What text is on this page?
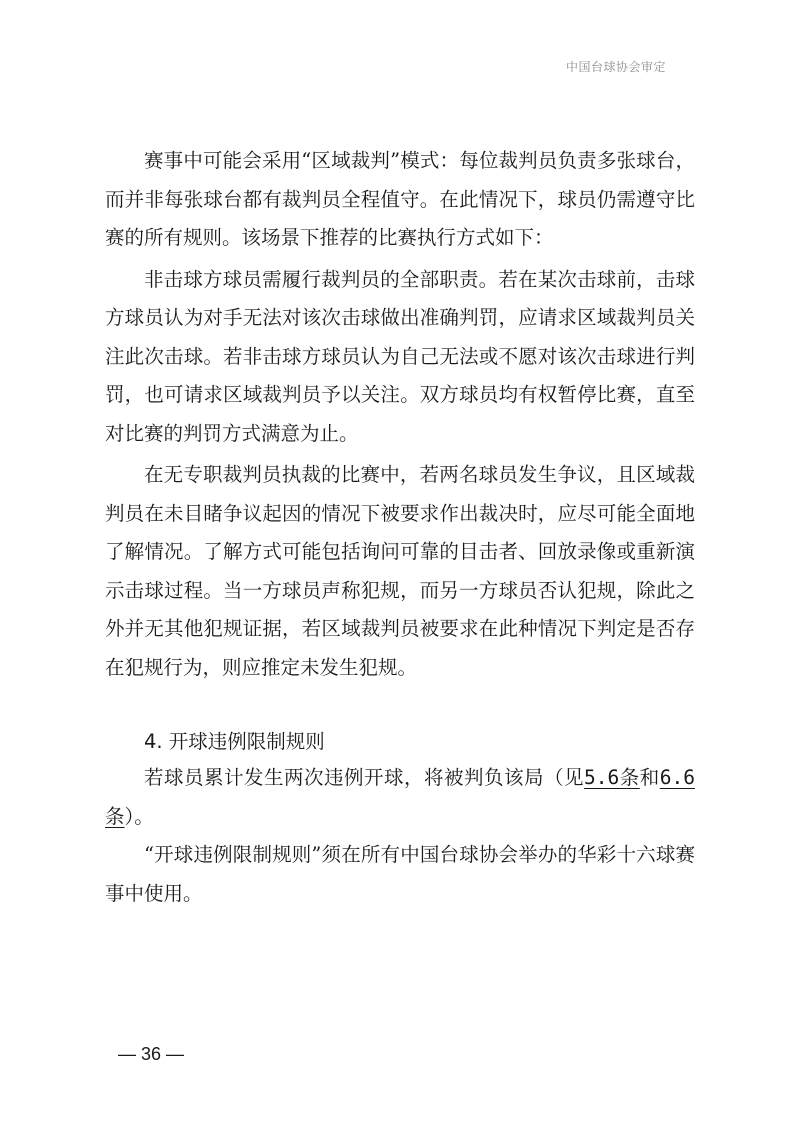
中国台球协会审定

赛事中可能会采用“区域裁判”模式：每位裁判员负责多张球台，而并非每张球台都有裁判员全程值守。在此情况下，球员仍需遵守比赛的所有规则。该场景下推荐的比赛执行方式如下：

非击球方球员需履行裁判员的全部职责。若在某次击球前，击球方球员认为对手无法对该次击球做出准确判罚，应请求区域裁判员关注此次击球。若非击球方球员认为自己无法或不愿对该次击球进行判罚，也可请求区域裁判员予以关注。双方球员均有权暂停比赛，直至对比赛的判罚方式满意为止。

在无专职裁判员执裁的比赛中，若两名球员发生争议，且区域裁判员在未目睹争议起因的情况下被要求作出裁决时，应尽可能全面地了解情况。了解方式可能包括询问可靠的目击者、回放录像或重新演示击球过程。当一方球员声称犯规，而另一方球员否认犯规，除此之外并无其他犯规证据，若区域裁判员被要求在此种情况下判定是否存在犯规行为，则应推定未发生犯规。

4. 开球违例限制规则

若球员累计发生两次违例开球，将被判负该局（见5.6条和6.6条）。

“开球违例限制规则”须在所有中国台球协会举办的华彩十六球赛事中使用。

— 36 —
